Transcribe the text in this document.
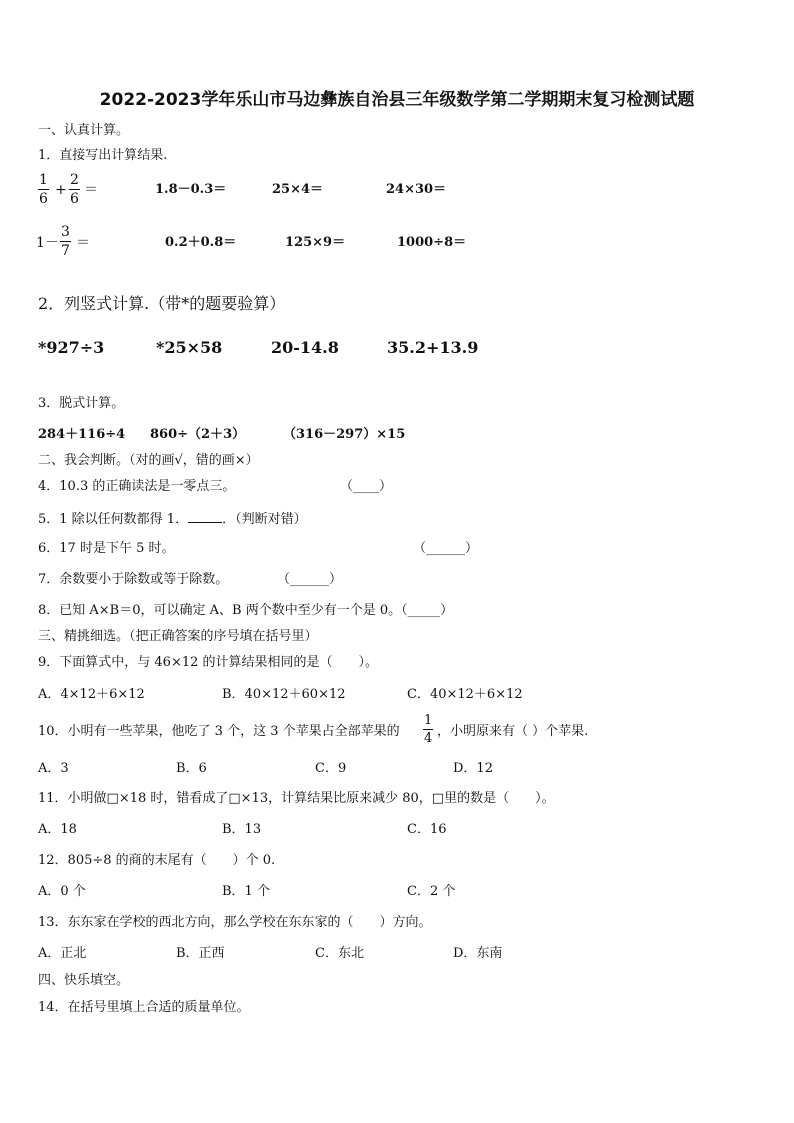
2022-2023学年乐山市马边彝族自治县三年级数学第二学期期末复习检测试题
一、认真计算。
1．直接写出计算结果.
1
6
+
2
6
＝	1.8－0.3＝	25×4＝	24×30＝
1－
3
7 ＝	0.2＋0.8＝	125×9＝	1000÷8＝
2．列竖式计算.（带*的题要验算）
*927÷3	*25×58	20-14.8	35.2+13.9
3．脱式计算。
284＋116÷4 860÷（2＋3）	（316－297）×15
二、我会判断。（对的画√，错的画×）
4．10.3 的正确读法是一零点三。	（____）
5．1 除以任何数都得 1．	．（判断对错）
6．17 时是下午 5 时。	（______）
7．余数要小于除数或等于除数。	（______）
8．已知 A×B＝0，可以确定 A、B 两个数中至少有一个是 0。（_____）
三、精挑细选。（把正确答案的序号填在括号里）
9．下面算式中，与 46×12 的计算结果相同的是（　　）。
A．4×12＋6×12	B．40×12＋60×12	C．40×12＋6×12
10．小明有一些苹果，他吃了 3 个，这 3 个苹果占全部苹果的
1
4 ，小明原来有（ ）个苹果.
A．3	B．6	C．9	D．12
11．小明做□×18 时，错看成了□×13，计算结果比原来减少 80，□里的数是（　　）。
A．18	B．13	C．16
12．805÷8 的商的末尾有（　　）个 0.
A．0 个	B．1 个	C．2 个
13．东东家在学校的西北方向，那么学校在东东家的（　　）方向。
A．正北	B．正西	C．东北	D．东南
四、快乐填空。
14．在括号里填上合适的质量单位。
